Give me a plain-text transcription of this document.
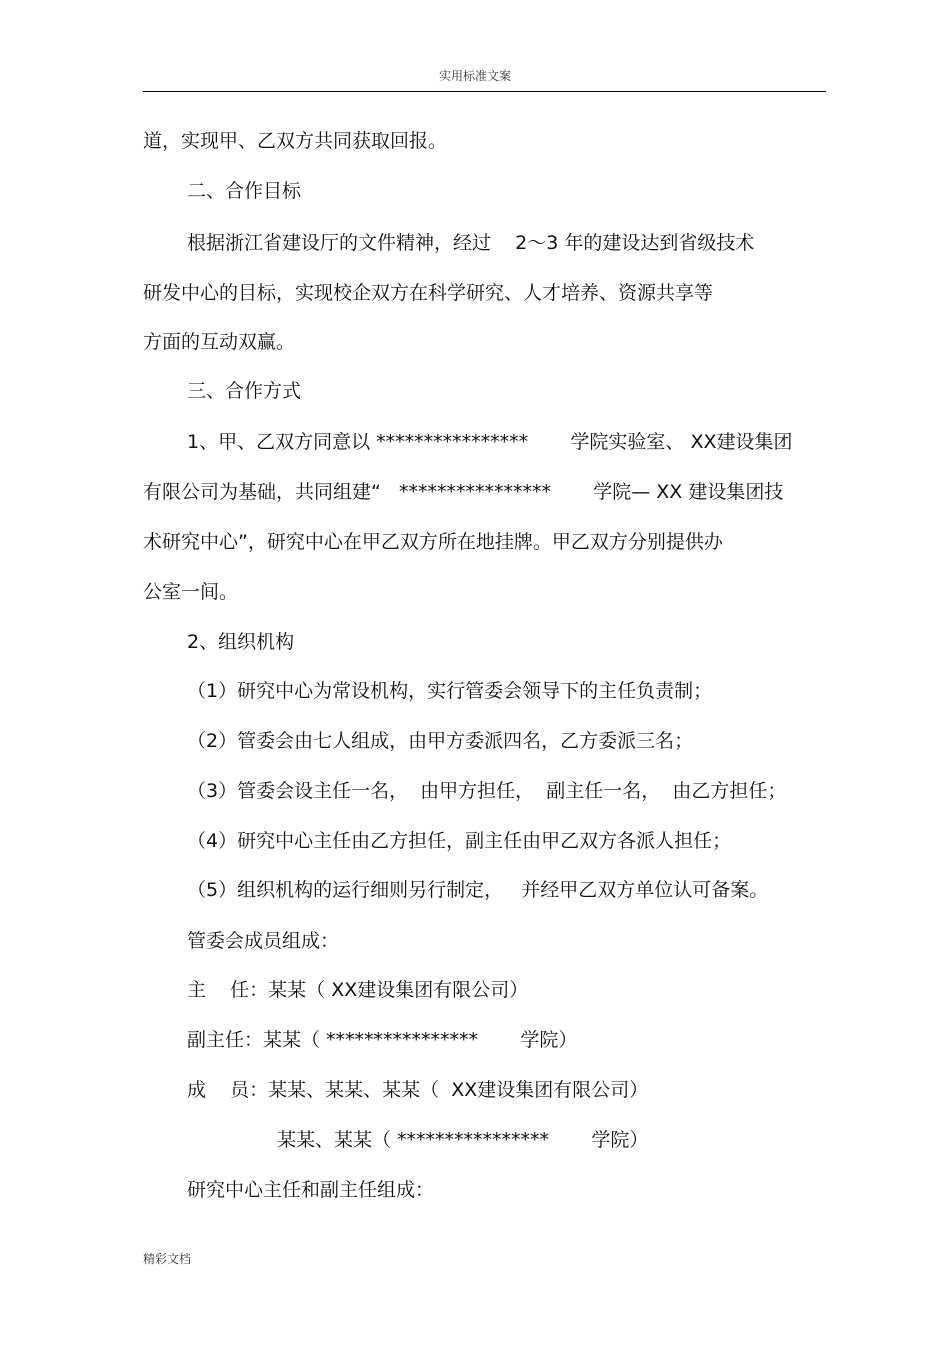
实用标准文案
道，实现甲、乙双方共同获取回报。
二、合作目标
根据浙江省建设厅的文件精神，经过    2～3 年的建设达到省级技术
研发中心的目标，实现校企双方在科学研究、人才培养、资源共享等
方面的互动双赢。
三、合作方式
1、甲、乙双方同意以 ****************       学院实验室、 XX建设集团
有限公司为基础，共同组建“   ****************       学院— XX 建设集团技
术研究中心”，研究中心在甲乙双方所在地挂牌。甲乙双方分别提供办
公室一间。
2、组织机构
（1）研究中心为常设机构，实行管委会领导下的主任负责制；
（2）管委会由七人组成，由甲方委派四名，乙方委派三名；
（3）管委会设主任一名，  由甲方担任，  副主任一名，  由乙方担任；
（4）研究中心主任由乙方担任，副主任由甲乙双方各派人担任；
（5）组织机构的运行细则另行制定，   并经甲乙双方单位认可备案。
管委会成员组成：
主    任：某某（ XX建设集团有限公司）
副主任：某某（ ****************       学院）
成    员：某某、某某、某某（  XX建设集团有限公司）
某某、某某（ ****************       学院）
研究中心主任和副主任组成：
精彩文档
